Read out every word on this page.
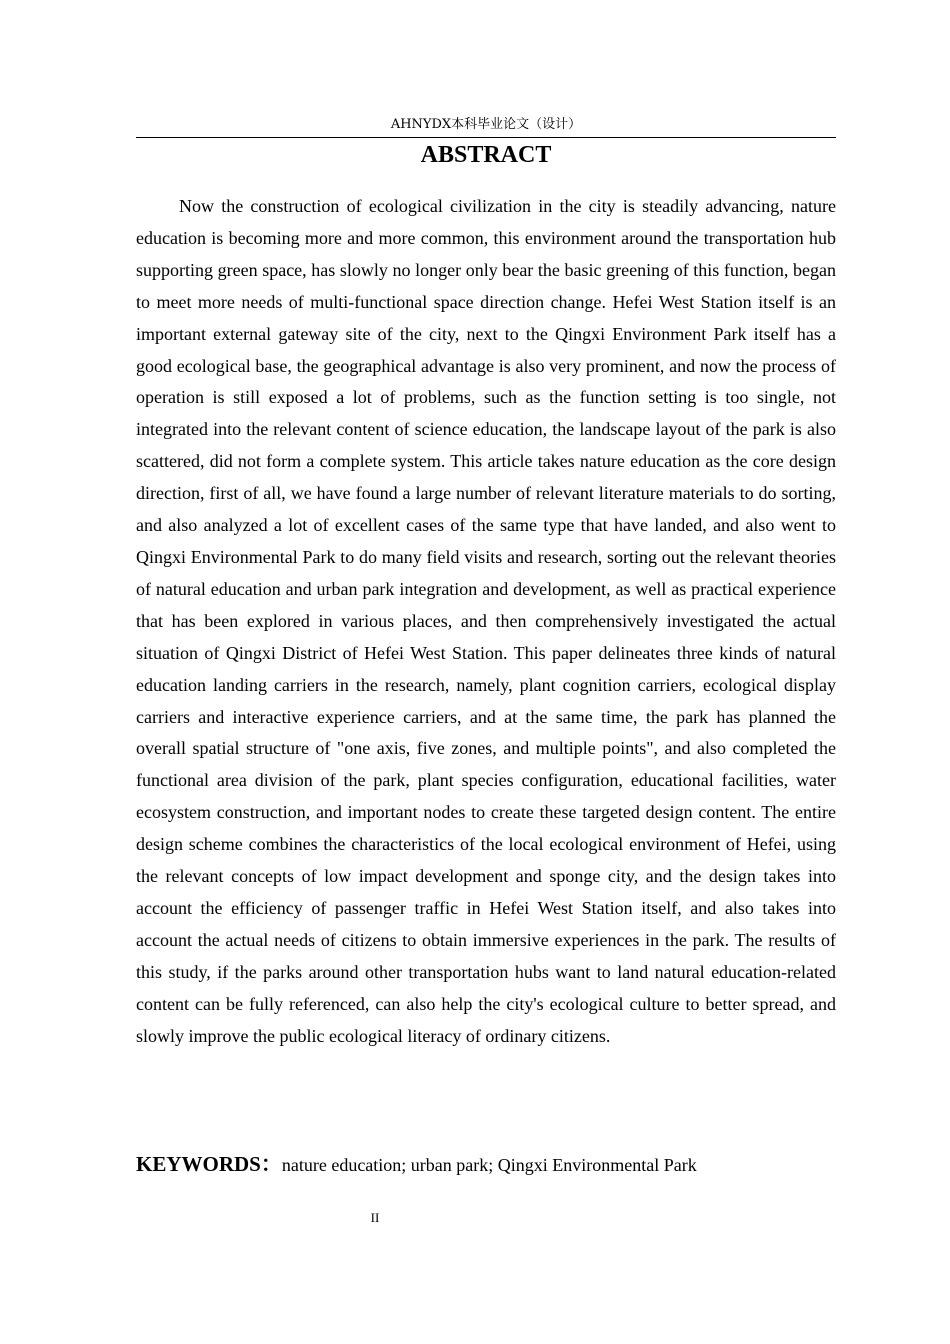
AHNYDX本科毕业论文（设计）
ABSTRACT

Now the construction of ecological civilization in the city is steadily advancing, nature education is becoming more and more common, this environment around the transportation hub supporting green space, has slowly no longer only bear the basic greening of this function, began to meet more needs of multi-functional space direction change. Hefei West Station itself is an important external gateway site of the city, next to the Qingxi Environment Park itself has a good ecological base, the geographical advantage is also very prominent, and now the process of operation is still exposed a lot of problems, such as the function setting is too single, not integrated into the relevant content of science education, the landscape layout of the park is also scattered, did not form a complete system. This article takes nature education as the core design direction, first of all, we have found a large number of relevant literature materials to do sorting, and also analyzed a lot of excellent cases of the same type that have landed, and also went to Qingxi Environmental Park to do many field visits and research, sorting out the relevant theories of natural education and urban park integration and development, as well as practical experience that has been explored in various places, and then comprehensively investigated the actual situation of Qingxi District of Hefei West Station. This paper delineates three kinds of natural education landing carriers in the research, namely, plant cognition carriers, ecological display carriers and interactive experience carriers, and at the same time, the park has planned the overall spatial structure of "one axis, five zones, and multiple points", and also completed the functional area division of the park, plant species configuration, educational facilities, water ecosystem construction, and important nodes to create these targeted design content. The entire design scheme combines the characteristics of the local ecological environment of Hefei, using the relevant concepts of low impact development and sponge city, and the design takes into account the efficiency of passenger traffic in Hefei West Station itself, and also takes into account the actual needs of citizens to obtain immersive experiences in the park. The results of this study, if the parks around other transportation hubs want to land natural education-related content can be fully referenced, can also help the city's ecological culture to better spread, and slowly improve the public ecological literacy of ordinary citizens.

KEYWORDS：nature education; urban park; Qingxi Environmental Park
II
